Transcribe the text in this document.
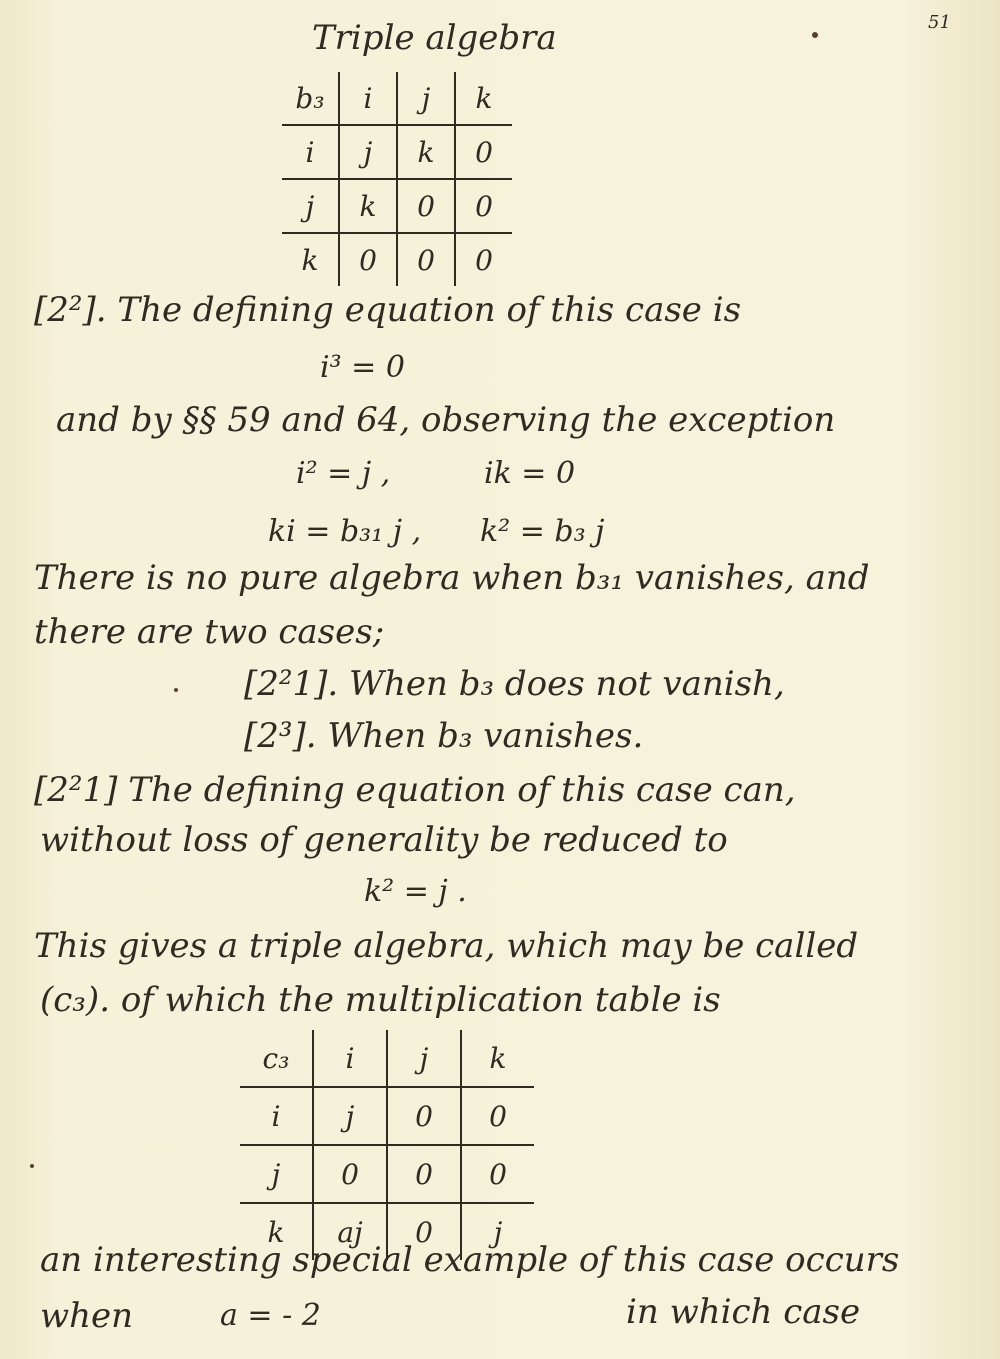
51
Triple algebra
b₃	i	j	k
i	j	k	0
j	k	0	0
k	0	0	0
[2²]. The defining equation of this case is
i³ = 0
and by §§ 59 and 64, observing the exception
i² = j ,	ik = 0
ki = b₃₁ j , k² = b₃ j
There is no pure algebra when b₃₁ vanishes, and
there are two cases;
[2²1]. When b₃ does not vanish,
[2³]. When b₃ vanishes.
[2²1] The defining equation of this case can,
without loss of generality be reduced to
k² = j .
This gives a triple algebra, which may be called
(c₃). of which the multiplication table is
c₃	i	j	k
i	j	0	0
j	0	0	0
k	aj	0	j
an interesting special example of this case occurs
when	a = - 2	in which case
